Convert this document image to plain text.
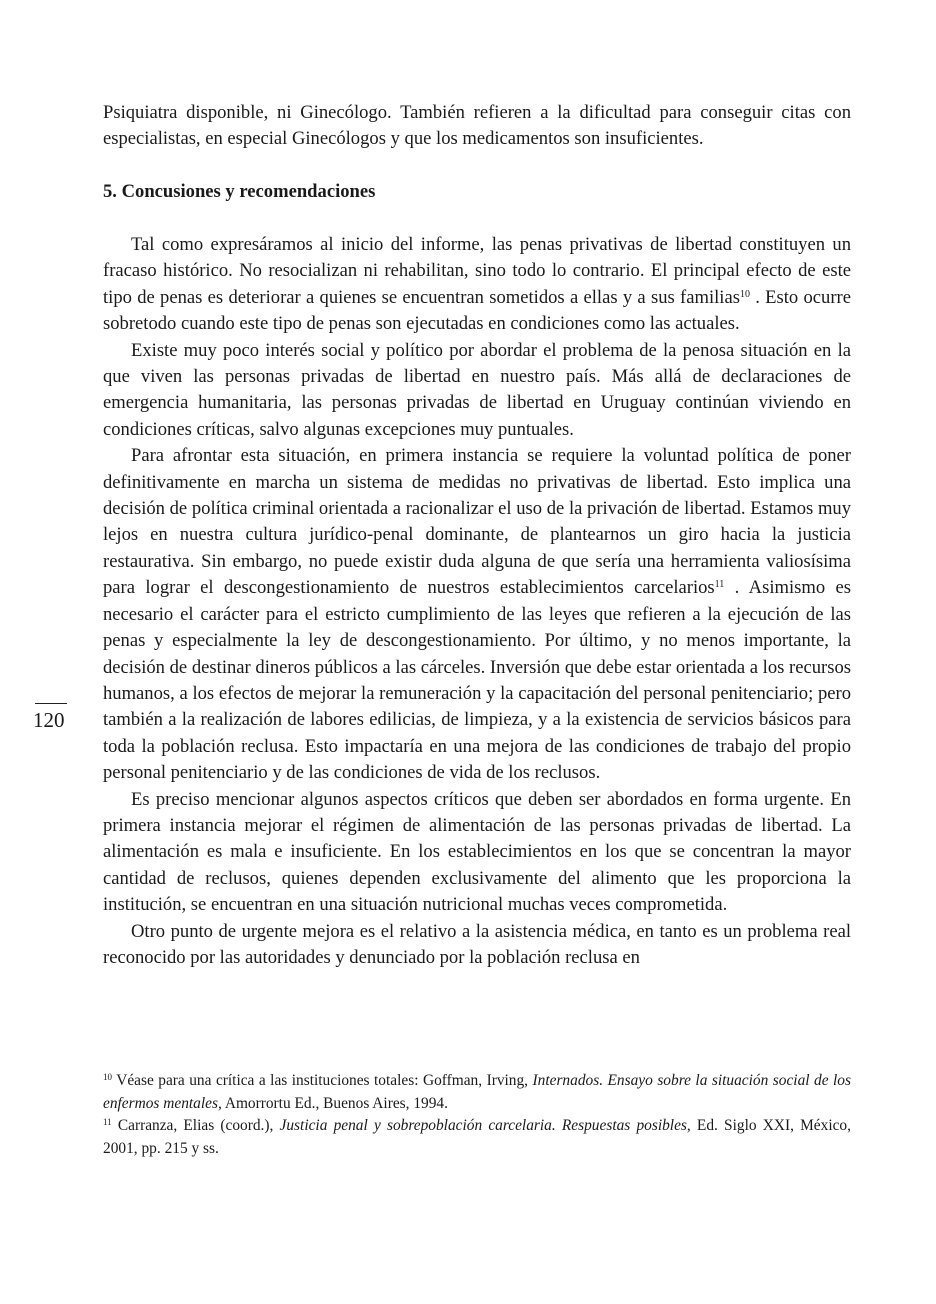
Psiquiatra disponible, ni Ginecólogo. También refieren a la dificultad para conseguir citas con especialistas, en especial Ginecólogos y que los medicamentos son insuficientes.

5. Concusiones y recomendaciones

Tal como expresáramos al inicio del informe, las penas privativas de libertad constituyen un fracaso histórico. No resocializan ni rehabilitan, sino todo lo contrario. El principal efecto de este tipo de penas es deteriorar a quienes se encuentran sometidos a ellas y a sus familias$^{10}$ . Esto ocurre sobretodo cuando este tipo de penas son ejecutadas en condiciones como las actuales.

Existe muy poco interés social y político por abordar el problema de la penosa situación en la que viven las personas privadas de libertad en nuestro país. Más allá de declaraciones de emergencia humanitaria, las personas privadas de libertad en Uruguay continúan viviendo en condiciones críticas, salvo algunas excepciones muy puntuales.

Para afrontar esta situación, en primera instancia se requiere la voluntad política de poner definitivamente en marcha un sistema de medidas no privativas de libertad. Esto implica una decisión de política criminal orientada a racionalizar el uso de la privación de libertad. Estamos muy lejos en nuestra cultura jurídico-penal dominante, de plantearnos un giro hacia la justicia restaurativa. Sin embargo, no puede existir duda alguna de que sería una herramienta valiosísima para lograr el descongestionamiento de nuestros establecimientos carcelarios$^{11}$ . Asimismo es necesario el carácter para el estricto cumplimiento de las leyes que refieren a la ejecución de las penas y especialmente la ley de descongestionamiento. Por último, y no menos importante, la decisión de destinar dineros públicos a las cárceles. Inversión que debe estar orientada a los recursos humanos, a los efectos de mejorar la remuneración y la capacitación del personal penitenciario; pero también a la realización de labores edilicias, de limpieza, y a la existencia de servicios básicos para toda la población reclusa. Esto impactaría en una mejora de las condiciones de trabajo del propio personal penitenciario y de las condiciones de vida de los reclusos.

Es preciso mencionar algunos aspectos críticos que deben ser abordados en forma urgente. En primera instancia mejorar el régimen de alimentación de las personas privadas de libertad. La alimentación es mala e insuficiente. En los establecimientos en los que se concentran la mayor cantidad de reclusos, quienes dependen exclusivamente del alimento que les proporciona la institución, se encuentran en una situación nutricional muchas veces comprometida.

Otro punto de urgente mejora es el relativo a la asistencia médica, en tanto es un problema real reconocido por las autoridades y denunciado por la población reclusa en

120

$^{10}$ Véase para una crítica a las instituciones totales: Goffman, Irving, Internados. Ensayo sobre la situación social de los enfermos mentales, Amorrortu Ed., Buenos Aires, 1994.

$^{11}$ Carranza, Elias (coord.), Justicia penal y sobrepoblación carcelaria. Respuestas posibles, Ed. Siglo XXI, México, 2001, pp. 215 y ss.
